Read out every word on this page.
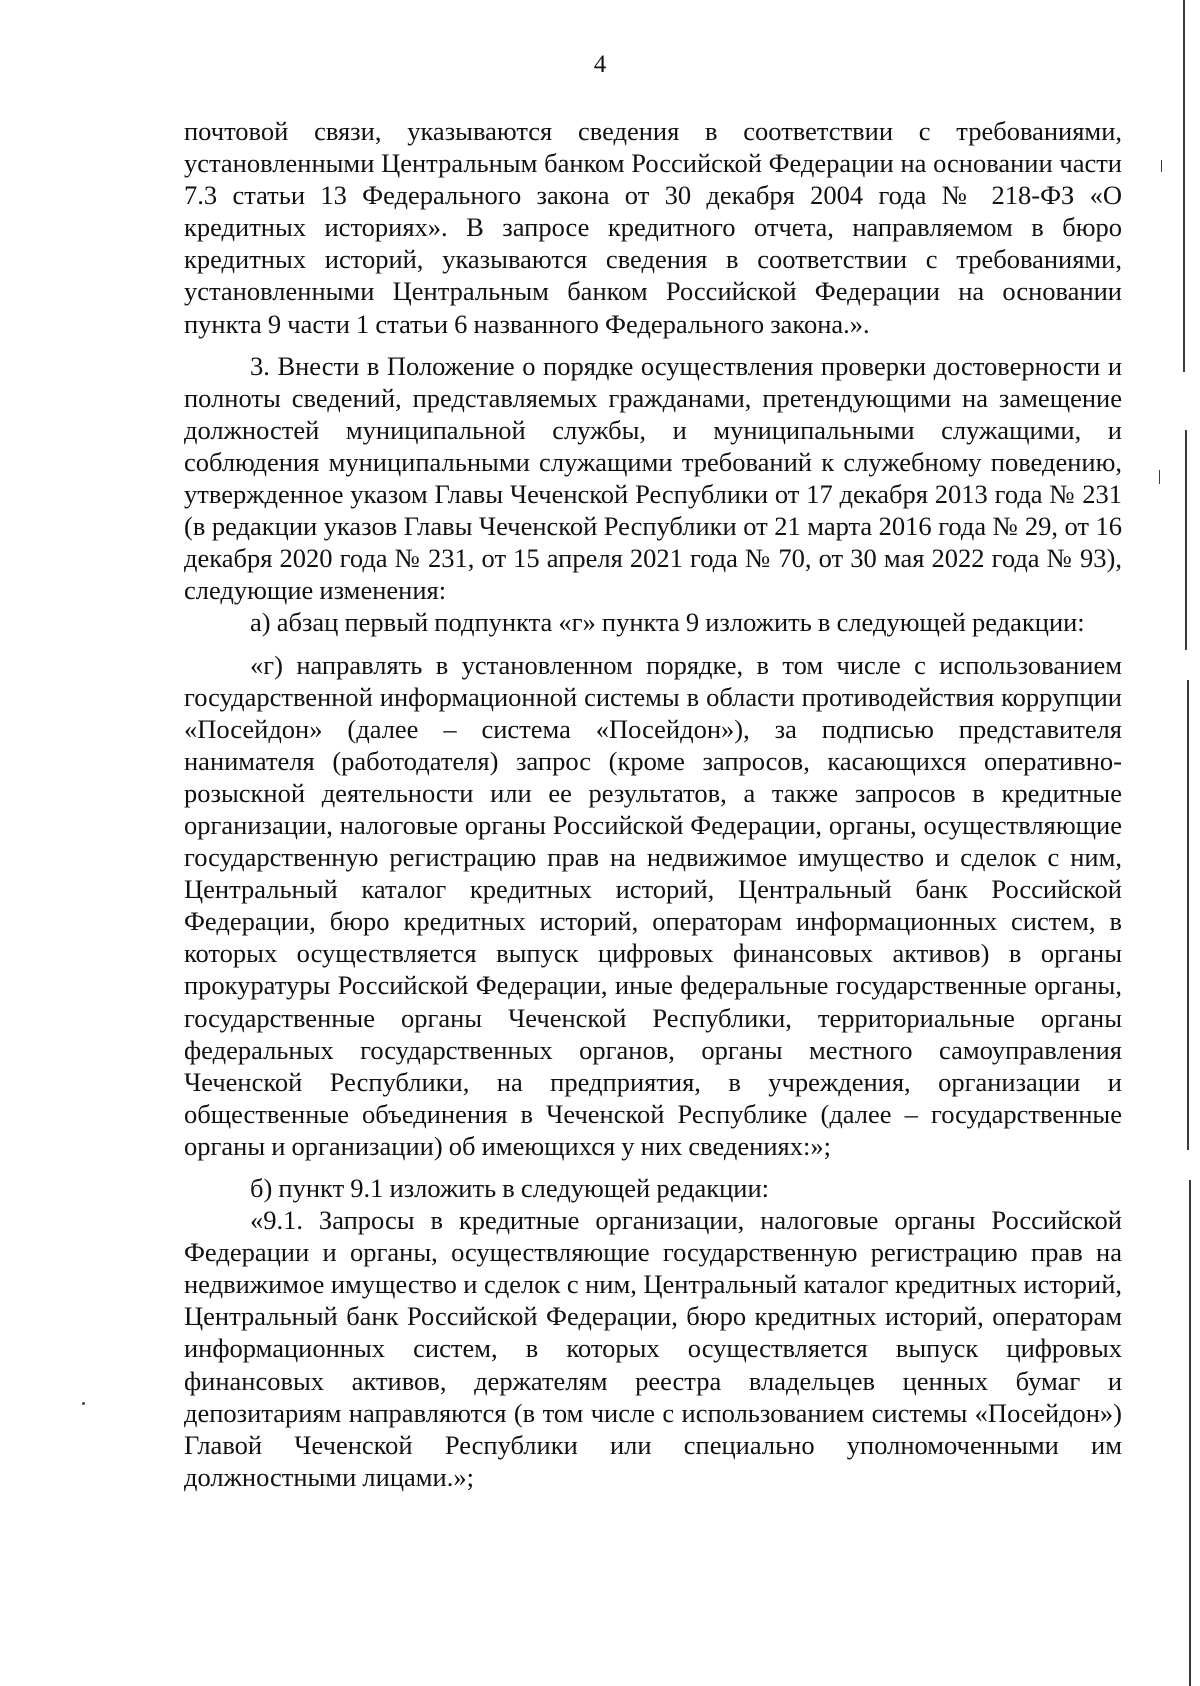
4

почтовой связи, указываются сведения в соответствии с требованиями, установленными Центральным банком Российской Федерации на основании части 7.3 статьи 13 Федерального закона от 30 декабря 2004 года № 218-ФЗ «О кредитных историях». В запросе кредитного отчета, направляемом в бюро кредитных историй, указываются сведения в соответствии с требованиями, установленными Центральным банком Российской Федерации на основании пункта 9 части 1 статьи 6 названного Федерального закона.».

3. Внести в Положение о порядке осуществления проверки достоверности и полноты сведений, представляемых гражданами, претендующими на замещение должностей муниципальной службы, и муниципальными служащими, и соблюдения муниципальными служащими требований к служебному поведению, утвержденное указом Главы Чеченской Республики от 17 декабря 2013 года № 231 (в редакции указов Главы Чеченской Республики от 21 марта 2016 года № 29, от 16 декабря 2020 года № 231, от 15 апреля 2021 года № 70, от 30 мая 2022 года № 93), следующие изменения:

а) абзац первый подпункта «г» пункта 9 изложить в следующей редакции:

«г) направлять в установленном порядке, в том числе с использованием государственной информационной системы в области противодействия коррупции «Посейдон» (далее – система «Посейдон»), за подписью представителя нанимателя (работодателя) запрос (кроме запросов, касающихся оперативно-розыскной деятельности или ее результатов, а также запросов в кредитные организации, налоговые органы Российской Федерации, органы, осуществляющие государственную регистрацию прав на недвижимое имущество и сделок с ним, Центральный каталог кредитных историй, Центральный банк Российской Федерации, бюро кредитных историй, операторам информационных систем, в которых осуществляется выпуск цифровых финансовых активов) в органы прокуратуры Российской Федерации, иные федеральные государственные органы, государственные органы Чеченской Республики, территориальные органы федеральных государственных органов, органы местного самоуправления Чеченской Республики, на предприятия, в учреждения, организации и общественные объединения в Чеченской Республике (далее – государственные органы и организации) об имеющихся у них сведениях:»;

б) пункт 9.1 изложить в следующей редакции:

«9.1. Запросы в кредитные организации, налоговые органы Российской Федерации и органы, осуществляющие государственную регистрацию прав на недвижимое имущество и сделок с ним, Центральный каталог кредитных историй, Центральный банк Российской Федерации, бюро кредитных историй, операторам информационных систем, в которых осуществляется выпуск цифровых финансовых активов, держателям реестра владельцев ценных бумаг и депозитариям направляются (в том числе с использованием системы «Посейдон») Главой Чеченской Республики или специально уполномоченными им должностными лицами.»;
